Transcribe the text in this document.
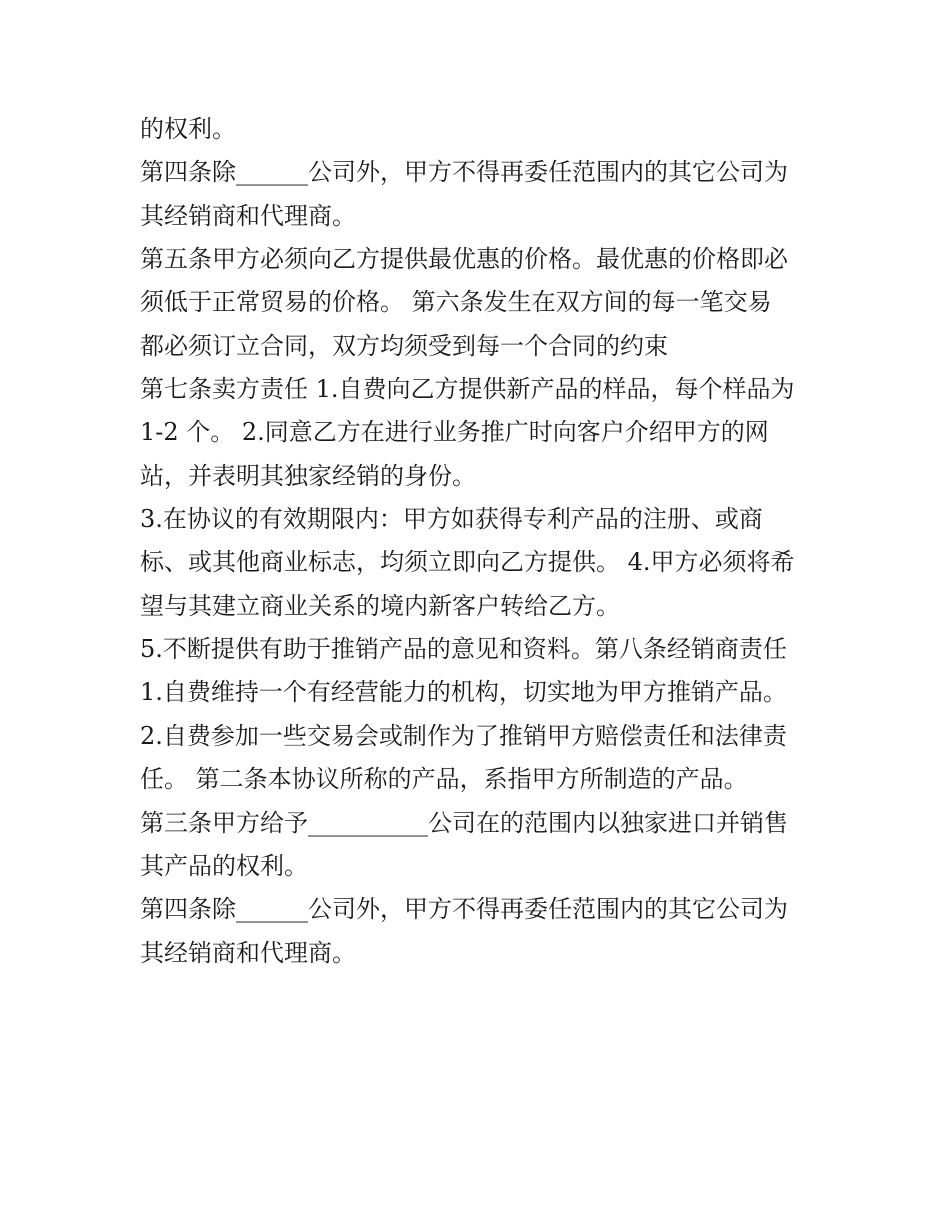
的权利。
第四条除______公司外，甲方不得再委任范围内的其它公司为
其经销商和代理商。
第五条甲方必须向乙方提供最优惠的价格。最优惠的价格即必
须低于正常贸易的价格。 第六条发生在双方间的每一笔交易
都必须订立合同，双方均须受到每一个合同的约束
第七条卖方责任 1.自费向乙方提供新产品的样品，每个样品为
1-2 个。 2.同意乙方在进行业务推广时向客户介绍甲方的网
站，并表明其独家经销的身份。
3.在协议的有效期限内：甲方如获得专利产品的注册、或商
标、或其他商业标志，均须立即向乙方提供。 4.甲方必须将希
望与其建立商业关系的境内新客户转给乙方。
5.不断提供有助于推销产品的意见和资料。第八条经销商责任
1.自费维持一个有经营能力的机构，切实地为甲方推销产品。
2.自费参加一些交易会或制作为了推销甲方赔偿责任和法律责
任。 第二条本协议所称的产品，系指甲方所制造的产品。
第三条甲方给予__________公司在的范围内以独家进口并销售
其产品的权利。
第四条除______公司外，甲方不得再委任范围内的其它公司为
其经销商和代理商。
